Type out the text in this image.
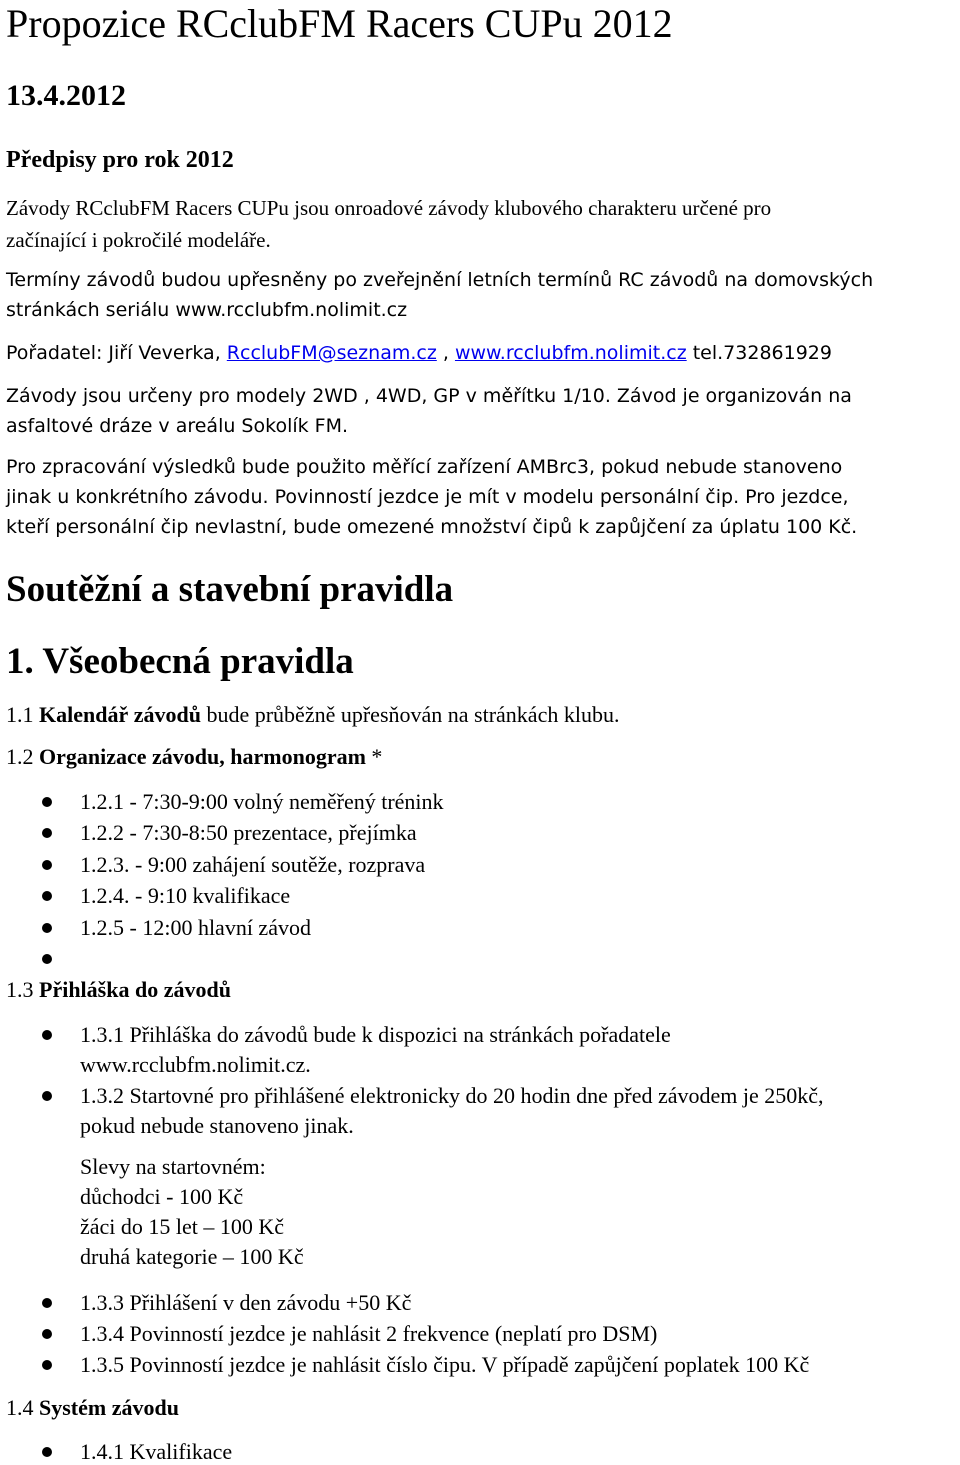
Propozice RCclubFM Racers CUPu 2012
13.4.2012
Předpisy pro rok 2012

Závody RCclubFM Racers CUPu jsou onroadové závody klubového charakteru určené pro
začínající i pokročilé modeláře.

Termíny závodů budou upřesněny po zveřejnění letních termínů RC závodů na domovských
stránkách seriálu www.rcclubfm.nolimit.cz

Pořadatel: Jiří Veverka, RcclubFM@seznam.cz , www.rcclubfm.nolimit.cz tel.732861929

Závody jsou určeny pro modely 2WD , 4WD, GP v měřítku 1/10. Závod je organizován na
asfaltové dráze v areálu Sokolík FM.

Pro zpracování výsledků bude použito měřící zařízení AMBrc3, pokud nebude stanoveno
jinak u konkrétního závodu. Povinností jezdce je mít v modelu personální čip. Pro jezdce,
kteří personální čip nevlastní, bude omezené množství čipů k zapůjčení za úplatu 100 Kč.

Soutěžní a stavební pravidla
1. Všeobecná pravidla

1.1 Kalendář závodů bude průběžně upřesňován na stránkách klubu.

1.2 Organizace závodu, harmonogram *

1.2.1 - 7:30-9:00 volný neměřený trénink
1.2.2 - 7:30-8:50 prezentace, přejímka
1.2.3. - 9:00 zahájení soutěže, rozprava
1.2.4. - 9:10 kvalifikace
1.2.5 - 12:00 hlavní závod

1.3 Přihláška do závodů

1.3.1 Přihláška do závodů bude k dispozici na stránkách pořadatele

www.rcclubfm.nolimit.cz.

1.3.2 Startovné pro přihlášené elektronicky do 20 hodin dne před závodem je 250kč,

pokud nebude stanoveno jinak.

Slevy na startovném:

důchodci - 100 Kč

žáci do 15 let – 100 Kč

druhá kategorie – 100 Kč

1.3.3 Přihlášení v den závodu +50 Kč
1.3.4 Povinností jezdce je nahlásit 2 frekvence (neplatí pro DSM)
1.3.5 Povinností jezdce je nahlásit číslo čipu. V případě zapůjčení poplatek 100 Kč

1.4 Systém závodu

1.4.1 Kvalifikace
